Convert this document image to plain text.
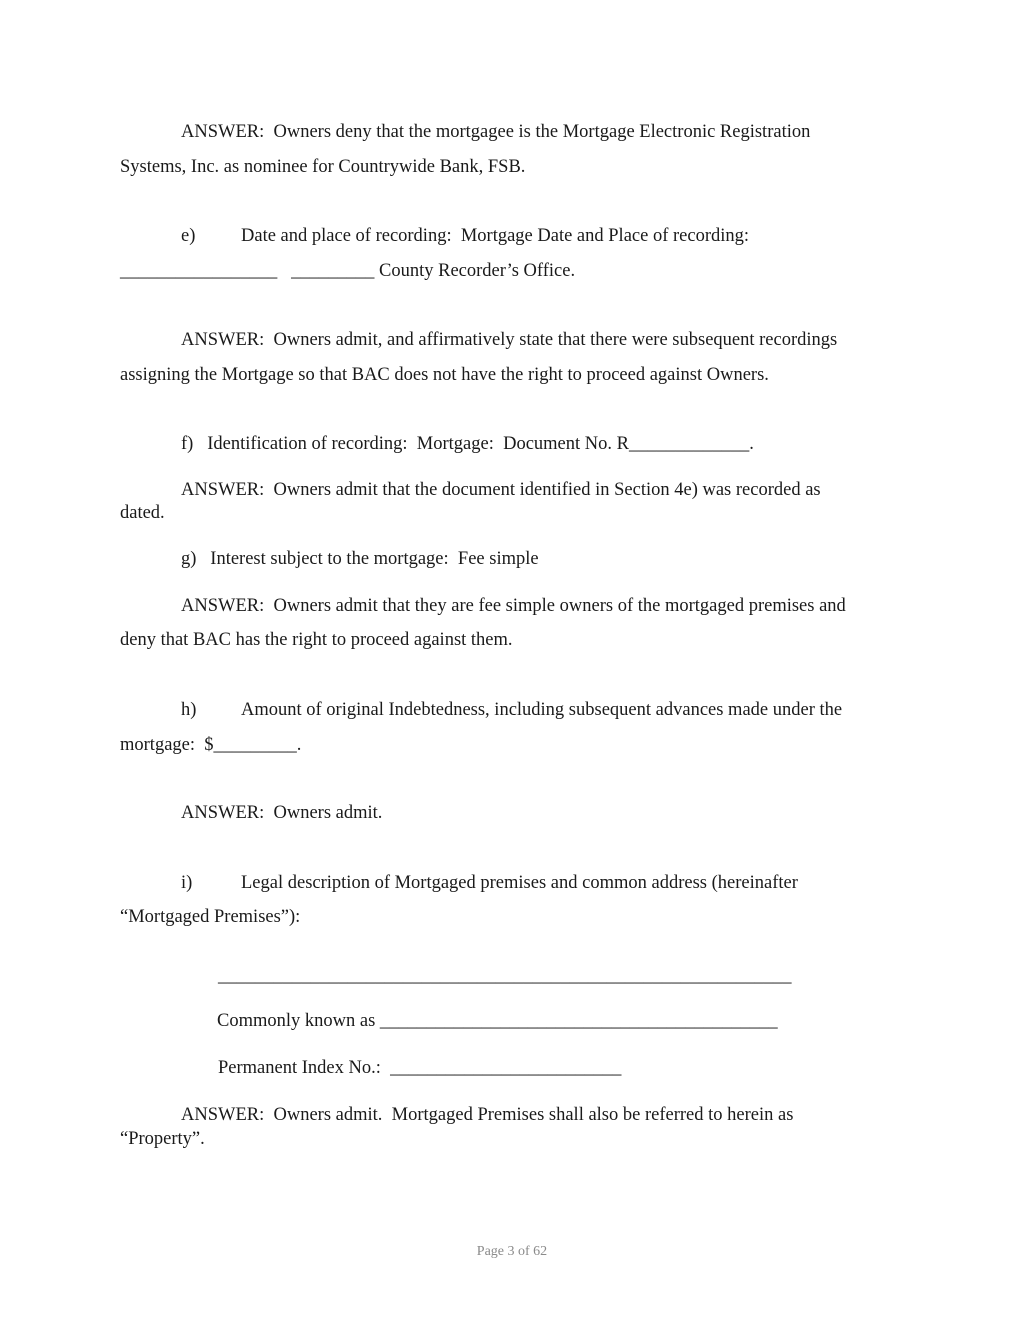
ANSWER:  Owners deny that the mortgagee is the Mortgage Electronic Registration

Systems, Inc. as nominee for Countrywide Bank, FSB.

e) Date and place of recording:  Mortgage Date and Place of recording:

_________________   _________ County Recorder’s Office.

ANSWER:  Owners admit, and affirmatively state that there were subsequent recordings

assigning the Mortgage so that BAC does not have the right to proceed against Owners.

f)   Identification of recording:  Mortgage:  Document No. R_____________.

ANSWER:  Owners admit that the document identified in Section 4e) was recorded as

dated.

g)   Interest subject to the mortgage:  Fee simple

ANSWER:  Owners admit that they are fee simple owners of the mortgaged premises and

deny that BAC has the right to proceed against them.

h) Amount of original Indebtedness, including subsequent advances made under the

mortgage:  $_________.

ANSWER:  Owners admit.

i)	Legal description of Mortgaged premises and common address (hereinafter

“Mortgaged Premises”):

______________________________________________________________

Commonly known as ___________________________________________

Permanent Index No.:  _________________________

ANSWER:  Owners admit.  Mortgaged Premises shall also be referred to herein as

“Property”.

Page 3 of 62
